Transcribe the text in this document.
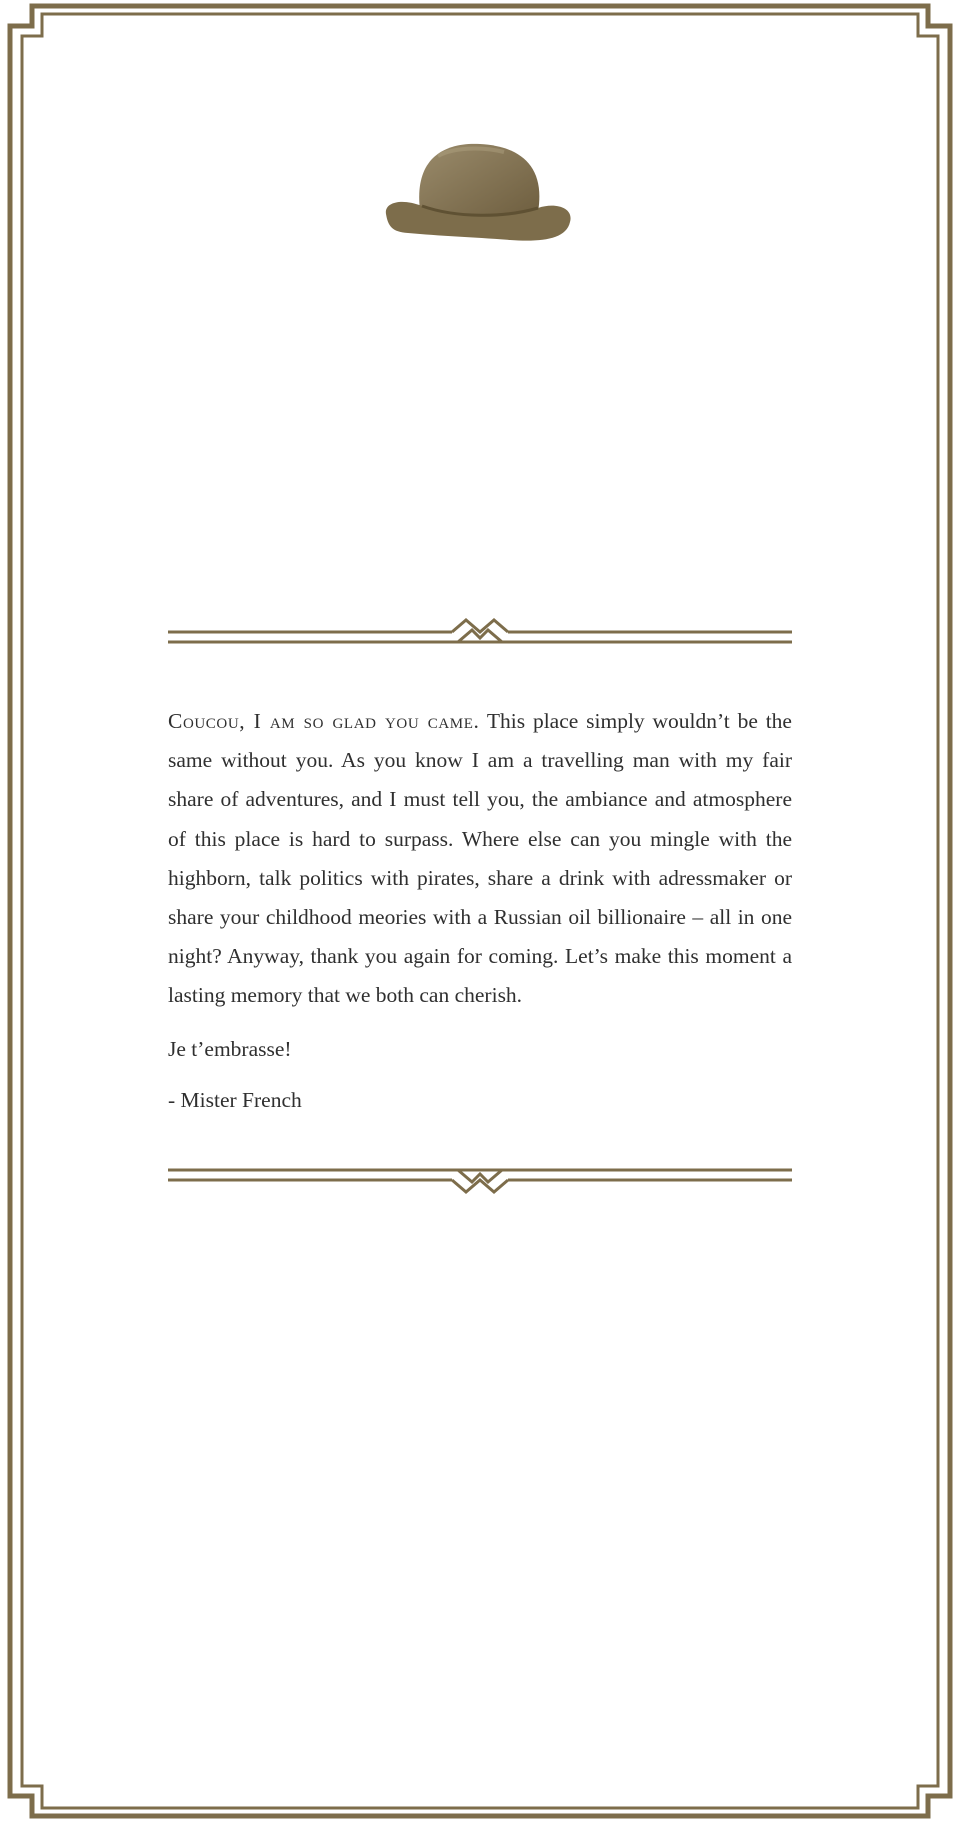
Coucou, I am so glad you came. This place simply wouldn’t be the same without you. As you know I am a travelling man with my fair share of adventures, and I must tell you, the ambiance and atmosphere of this place is hard to surpass. Where else can you mingle with the highborn, talk politics with pirates, share a drink with adressmaker or share your childhood meories with a Russian oil billionaire – all in one night? Anyway, thank you again for coming. Let’s make this moment a lasting memory that we both can cherish.

Je t’embrasse!

- Mister French
